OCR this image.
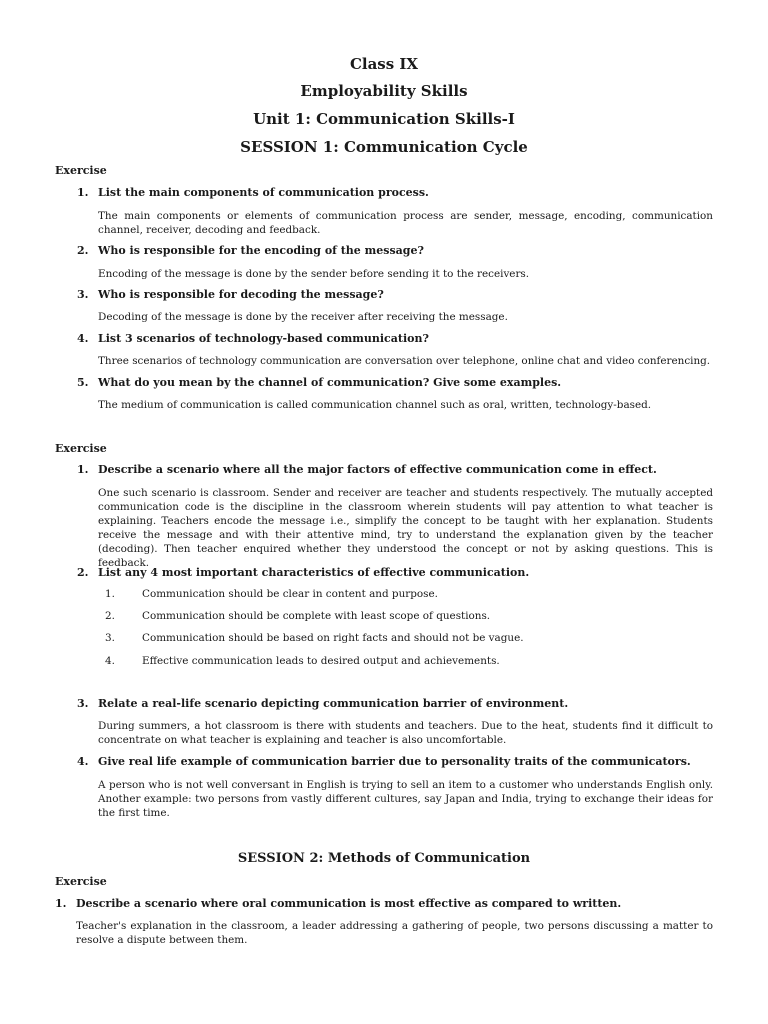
Class IX
Employability Skills
Unit 1: Communication Skills-I
SESSION 1: Communication Cycle
Exercise
1. List the main components of communication process.
The main components or elements of communication process are sender, message, encoding, communication channel, receiver, decoding and feedback.
2. Who is responsible for the encoding of the message?
Encoding of the message is done by the sender before sending it to the receivers.
3. Who is responsible for decoding the message?
Decoding of the message is done by the receiver after receiving the message.
4. List 3 scenarios of technology-based communication?
Three scenarios of technology communication are conversation over telephone, online chat and video conferencing.
5. What do you mean by the channel of communication? Give some examples.
The medium of communication is called communication channel such as oral, written, technology-based.
Exercise
1. Describe a scenario where all the major factors of effective communication come in effect.
One such scenario is classroom. Sender and receiver are teacher and students respectively. The mutually accepted communication code is the discipline in the classroom wherein students will pay attention to what teacher is explaining. Teachers encode the message i.e., simplify the concept to be taught with her explanation. Students receive the message and with their attentive mind, try to understand the explanation given by the teacher (decoding). Then teacher enquired whether they understood the concept or not by asking questions. This is feedback.
2. List any 4 most important characteristics of effective communication.
1.	Communication should be clear in content and purpose.
2.	Communication should be complete with least scope of questions.
3.	Communication should be based on right facts and should not be vague.
4.	Effective communication leads to desired output and achievements.
3. Relate a real-life scenario depicting communication barrier of environment.
During summers, a hot classroom is there with students and teachers. Due to the heat, students find it difficult to concentrate on what teacher is explaining and teacher is also uncomfortable.
4. Give real life example of communication barrier due to personality traits of the communicators.
A person who is not well conversant in English is trying to sell an item to a customer who understands English only. Another example: two persons from vastly different cultures, say Japan and India, trying to exchange their ideas for the first time.
SESSION 2: Methods of Communication
Exercise
1. Describe a scenario where oral communication is most effective as compared to written.
Teacher's explanation in the classroom, a leader addressing a gathering of people, two persons discussing a matter to resolve a dispute between them.
